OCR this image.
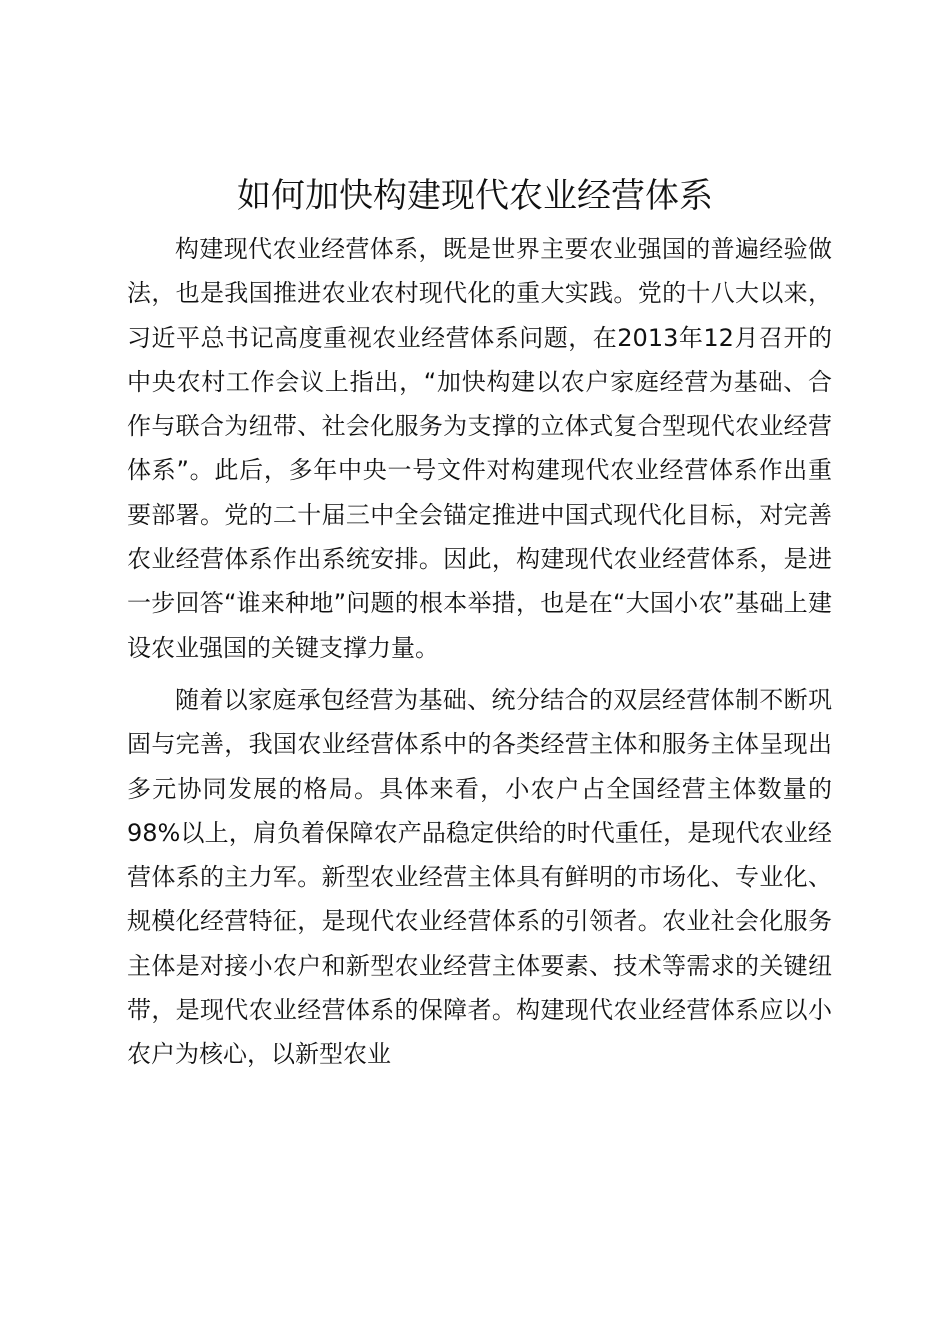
如何加快构建现代农业经营体系

构建现代农业经营体系，既是世界主要农业强国的普遍经验做法，也是我国推进农业农村现代化的重大实践。党的十八大以来，习近平总书记高度重视农业经营体系问题，在2013年12月召开的中央农村工作会议上指出，“加快构建以农户家庭经营为基础、合作与联合为纽带、社会化服务为支撑的立体式复合型现代农业经营体系”。此后，多年中央一号文件对构建现代农业经营体系作出重要部署。党的二十届三中全会锚定推进中国式现代化目标，对完善农业经营体系作出系统安排。因此，构建现代农业经营体系，是进一步回答“谁来种地”问题的根本举措，也是在“大国小农”基础上建设农业强国的关键支撑力量。

随着以家庭承包经营为基础、统分结合的双层经营体制不断巩固与完善，我国农业经营体系中的各类经营主体和服务主体呈现出多元协同发展的格局。具体来看，小农户占全国经营主体数量的98%以上，肩负着保障农产品稳定供给的时代重任，是现代农业经营体系的主力军。新型农业经营主体具有鲜明的市场化、专业化、规模化经营特征，是现代农业经营体系的引领者。农业社会化服务主体是对接小农户和新型农业经营主体要素、技术等需求的关键纽带，是现代农业经营体系的保障者。构建现代农业经营体系应以小农户为核心，以新型农业
